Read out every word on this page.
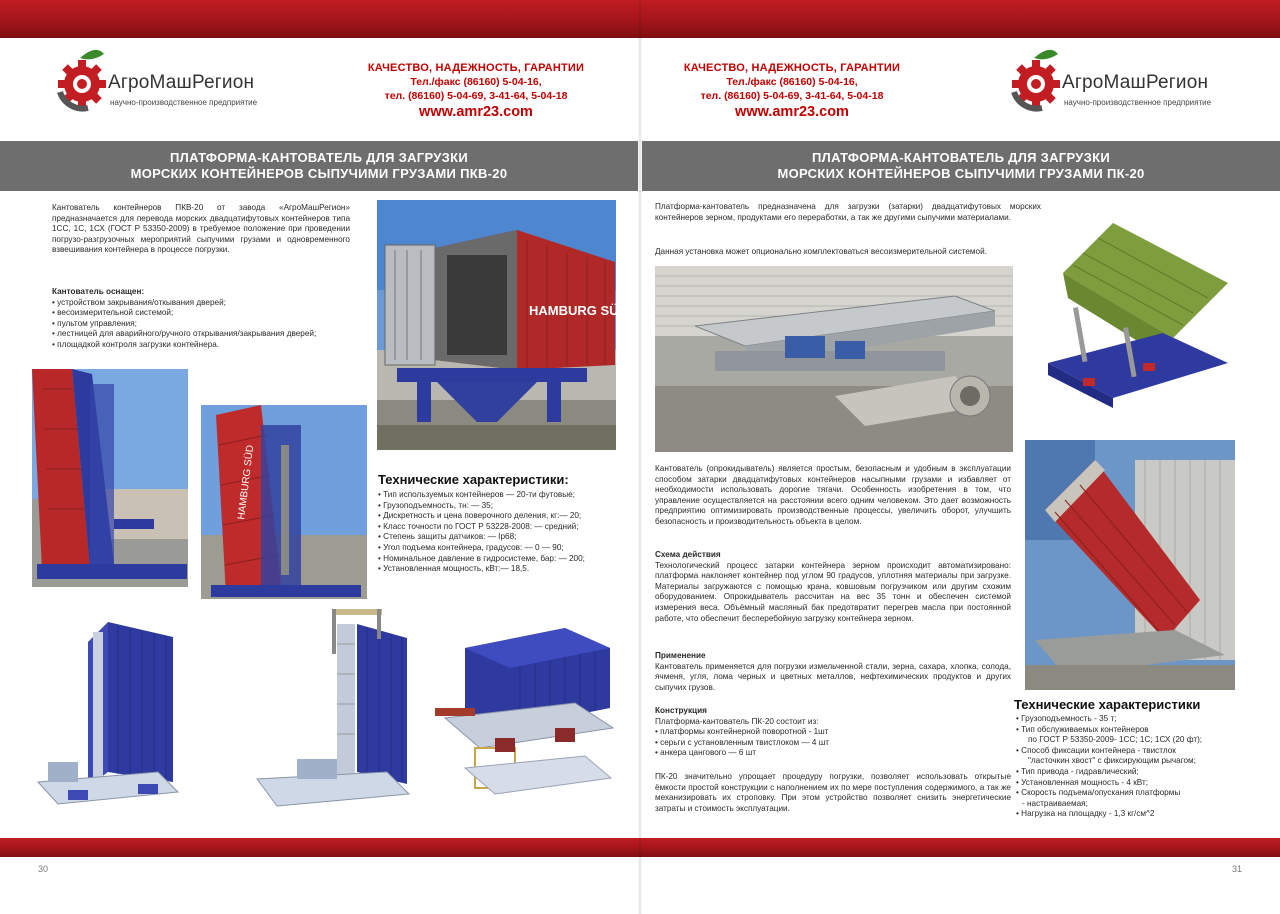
АгроМашРегион
научно-производственное предприятие
КАЧЕСТВО, НАДЕЖНОСТЬ, ГАРАНТИИ
Тел./факс (86160) 5-04-16,
тел. (86160) 5-04-69, 3-41-64, 5-04-18
www.amr23.com
КАЧЕСТВО, НАДЕЖНОСТЬ, ГАРАНТИИ
Тел./факс (86160) 5-04-16,
тел. (86160) 5-04-69, 3-41-64, 5-04-18
www.amr23.com
АгроМашРегион
научно-производственное предприятие
ПЛАТФОРМА-КАНТОВАТЕЛЬ ДЛЯ ЗАГРУЗКИ
МОРСКИХ КОНТЕЙНЕРОВ СЫПУЧИМИ ГРУЗАМИ ПКВ-20
ПЛАТФОРМА-КАНТОВАТЕЛЬ ДЛЯ ЗАГРУЗКИ
МОРСКИХ КОНТЕЙНЕРОВ СЫПУЧИМИ ГРУЗАМИ ПК-20
Кантователь контейнеров ПКВ-20 от завода «АгроМашРегион» предназначается для перевода морских двадцатифутовых контейнеров типа 1СС, 1С, 1СХ (ГОСТ Р 53350-2009) в требуемое положение при проведении погрузо-разгрузочных мероприятий сыпучими грузами и одновременного взвешивания контейнера в процессе погрузки.
Кантователь оснащен:
• устройством закрывания/откывания дверей;
• весоизмерительной системой;
• пультом управления;
• лестницей для аварийного/ручного открывания/закрывания дверей;
• площадкой контроля загрузки контейнера.
HAMBURG SÜD
HAMBURG SÜD	Технические характеристики:
• Тип используемых контейнеров — 20-ти футовые;
• Грузоподъемность, тн: — 35;
• Дискретность и цена поверочного деления, кг:— 20;
• Класс точности по ГОСТ Р 53228-2008: — средний;
• Степень защиты датчиков: — Ip68;
• Угол подъема контейнера, градусов: — 0 — 90;
• Номинальное давление в гидросистеме, бар: — 200;
• Установленная мощность, кВт:— 18,5.
30
Платформа-кантователь предназначена для загрузки (затарки) двадцатифутовых морских контейнеров зерном, продуктами его переработки, а так же другими сыпучими материалами.
Данная установка может опционально комплектоваться весоизмерительной системой.
Кантователь (опрокидыватель) является простым, безопасным и удобным в эксплуатации способом затарки двадцатифутовых контейнеров насыпными грузами и избавляет от необходимости использовать дорогие тягачи. Особенность изобретения в том, что управление осуществляется на расстоянии всего одним человеком. Это дает возможность предприятию оптимизировать производственные процессы, увеличить оборот, улучшить безопасность и производительность объекта в целом.
Схема действия
Технологический процесс затарки контейнера зерном происходит автоматизировано: платформа наклоняет контейнер под углом 90 градусов, уплотняя материалы при загрузке. Материалы загружаются с помощью крана, ковшовым погрузчиком или другим схожим оборудованием. Опрокидыватель рассчитан на вес 35 тонн и обеспечен системой измерения веса. Объёмный масляный бак предотвратит перегрев масла при постоянной работе, что обеспечит бесперебойную загрузку контейнера зерном.
Применение
Кантователь применяется для погрузки измельченной стали, зерна, сахара, хлопка, солода, ячменя, угля, лома черных и цветных металлов, нефтехимических продуктов и других сыпучих грузов.
Конструкция
Платформа-кантователь ПК-20 состоит из:
• платформы контейнерной поворотной - 1шт
• серьги с установленным твистлоком — 4 шт
• анкера цангового — 6 шт
ПК-20 значительно упрощает процедуру погрузки, позволяет использовать открытые ёмкости простой конструкции с наполнением их по мере поступления содержимого, а так же механизировать их строповку. При этом устройство позволяет снизить энергетические затраты и стоимость эксплуатации.
Технические характеристики
• Грузоподъемность - 35 т;
• Тип обслуживаемых контейнеров
по ГОСТ Р 53350-2009- 1СС; 1С; 1СХ (20 фт);
• Способ фиксации контейнера - твистлок
"ласточкин хвост" с фиксирующим рычагом;
• Тип привода - гидравлический;
• Установленная мощность - 4 кВт;
• Скорость подъема/опускания платформы
- настраиваемая;
• Нагрузка на площадку - 1,3 кг/см^2
31
